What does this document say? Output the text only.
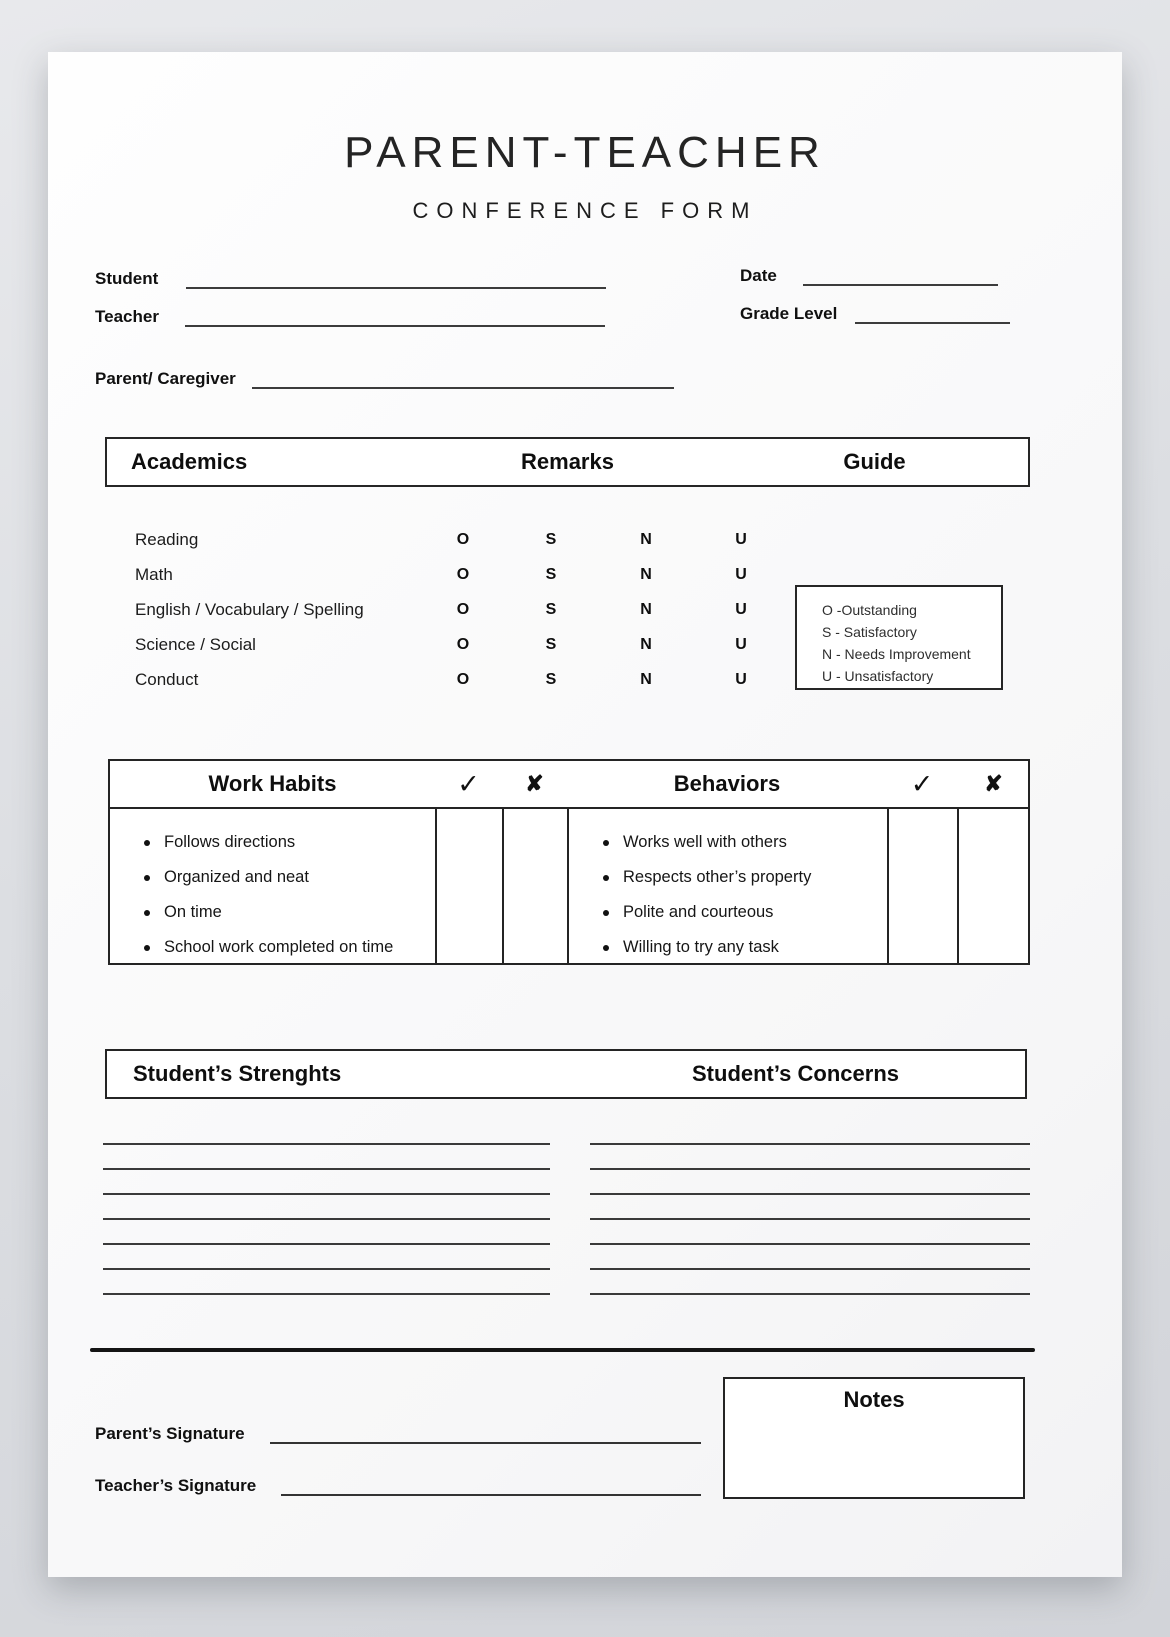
PARENT-TEACHER
CONFERENCE FORM
Student
Teacher
Parent/ Caregiver
Date
Grade Level
Academics	Remarks	Guide
Reading	O	S	N	U
Math	O	S	N	U
English / Vocabulary / Spelling	O	S	N	U
Science / Social	O	S	N	U
Conduct	O	S	N	U
O -Outstanding
S - Satisfactory
N - Needs Improvement
U - Unsatisfactory
Work Habits	✓	✘	Behaviors	✓	✘
Follows directions
Organized and neat
On time
School work completed on time
Works well with others
Respects other’s property
Polite and courteous
Willing to try any task
Student’s Strenghts	Student’s Concerns
Notes
Parent’s Signature
Teacher’s Signature
